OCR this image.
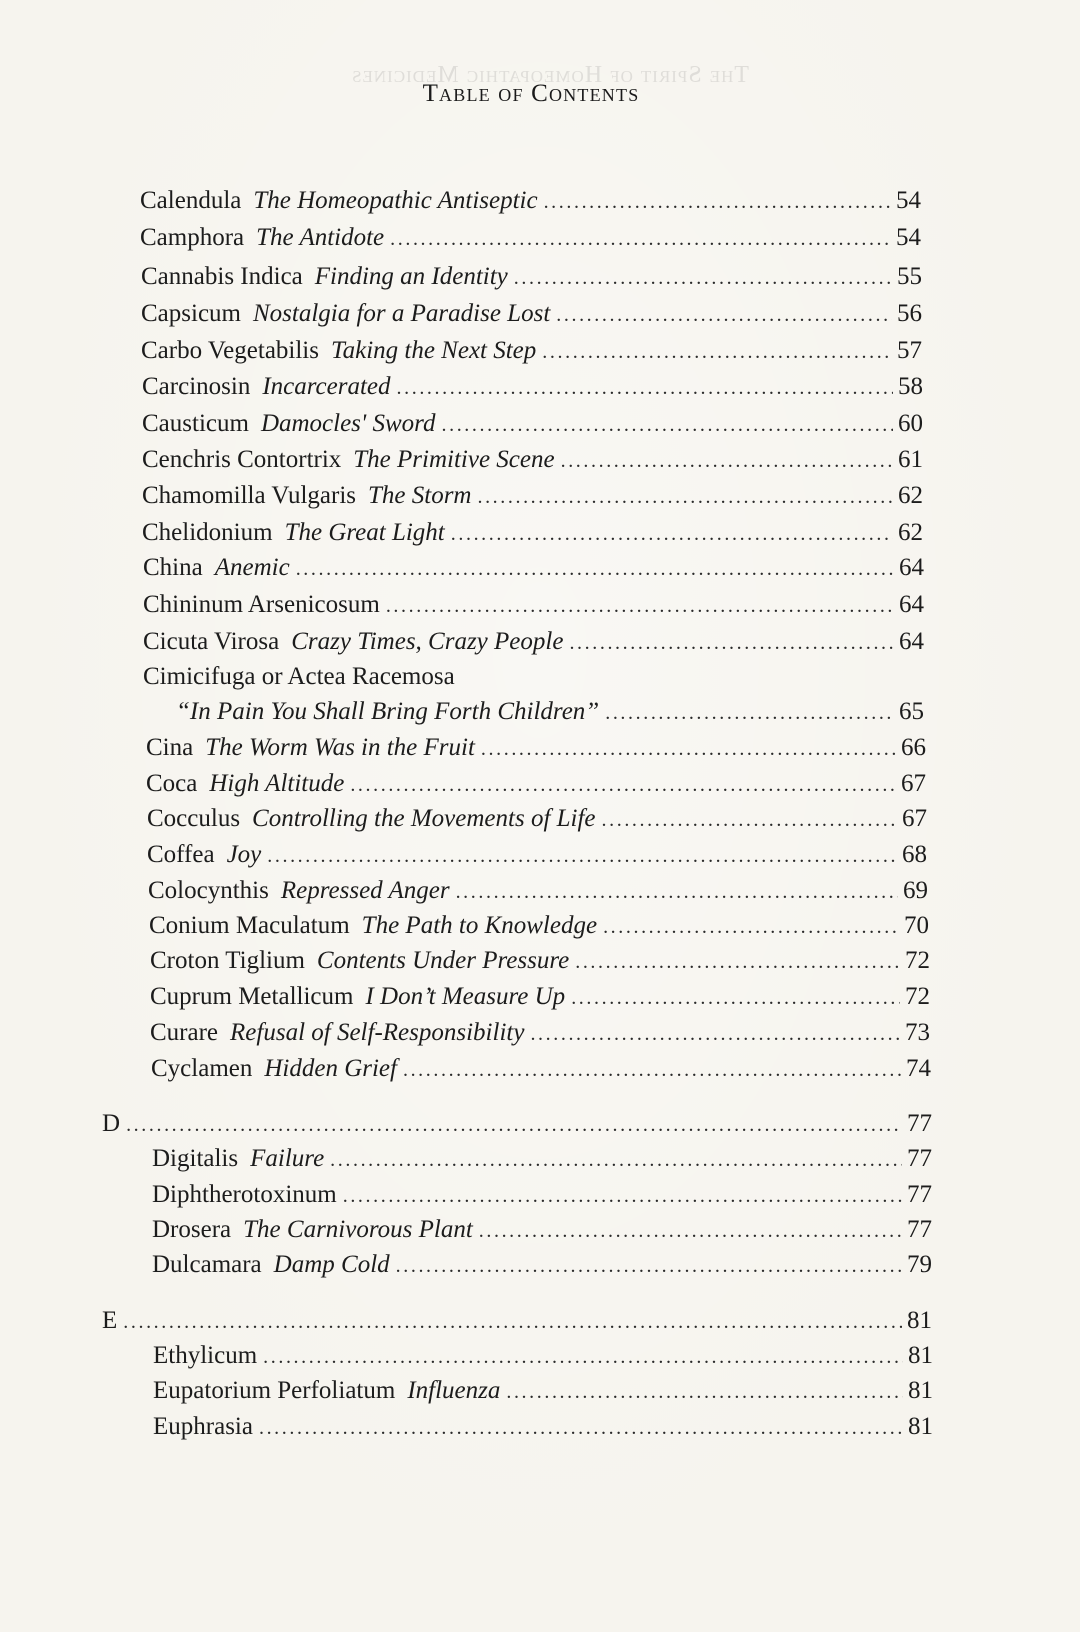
The Spirit of Homeopathic Medicines
Table of Contents
Calendula The Homeopathic Antiseptic . . .	54
Camphora The Antidote . . .	54
Cannabis Indica Finding an Identity . . .	55
Capsicum Nostalgia for a Paradise Lost . . .	56
Carbo Vegetabilis Taking the Next Step . . .	57
Carcinosin Incarcerated . . .	58
Causticum Damocles' Sword . . .	60
Cenchris Contortrix The Primitive Scene . . .	61
Chamomilla Vulgaris The Storm . . .	62
Chelidonium The Great Light . . .	62
China Anemic . . .	64
Chininum Arsenicosum . . .	64
Cicuta Virosa Crazy Times, Crazy People . . .	64
Cimicifuga or Actea Racemosa
“In Pain You Shall Bring Forth Children” . . .	65
Cina The Worm Was in the Fruit . . .	66
Coca High Altitude . . .	67
Cocculus Controlling the Movements of Life . . .	67
Coffea Joy . . .	68
Colocynthis Repressed Anger . . .	69
Conium Maculatum The Path to Knowledge . . .	70
Croton Tiglium Contents Under Pressure . . .	72
Cuprum Metallicum I Don’t Measure Up . . .	72
Curare Refusal of Self-Responsibility . . .	73
Cyclamen Hidden Grief . . .	74
D . . .	77
Digitalis Failure . . .	77
Diphtherotoxinum . . .	77
Drosera The Carnivorous Plant . . .	77
Dulcamara Damp Cold . . .	79
E . . .	81
Ethylicum . . .	81
Eupatorium Perfoliatum Influenza . . .	81
Euphrasia . . .	81
